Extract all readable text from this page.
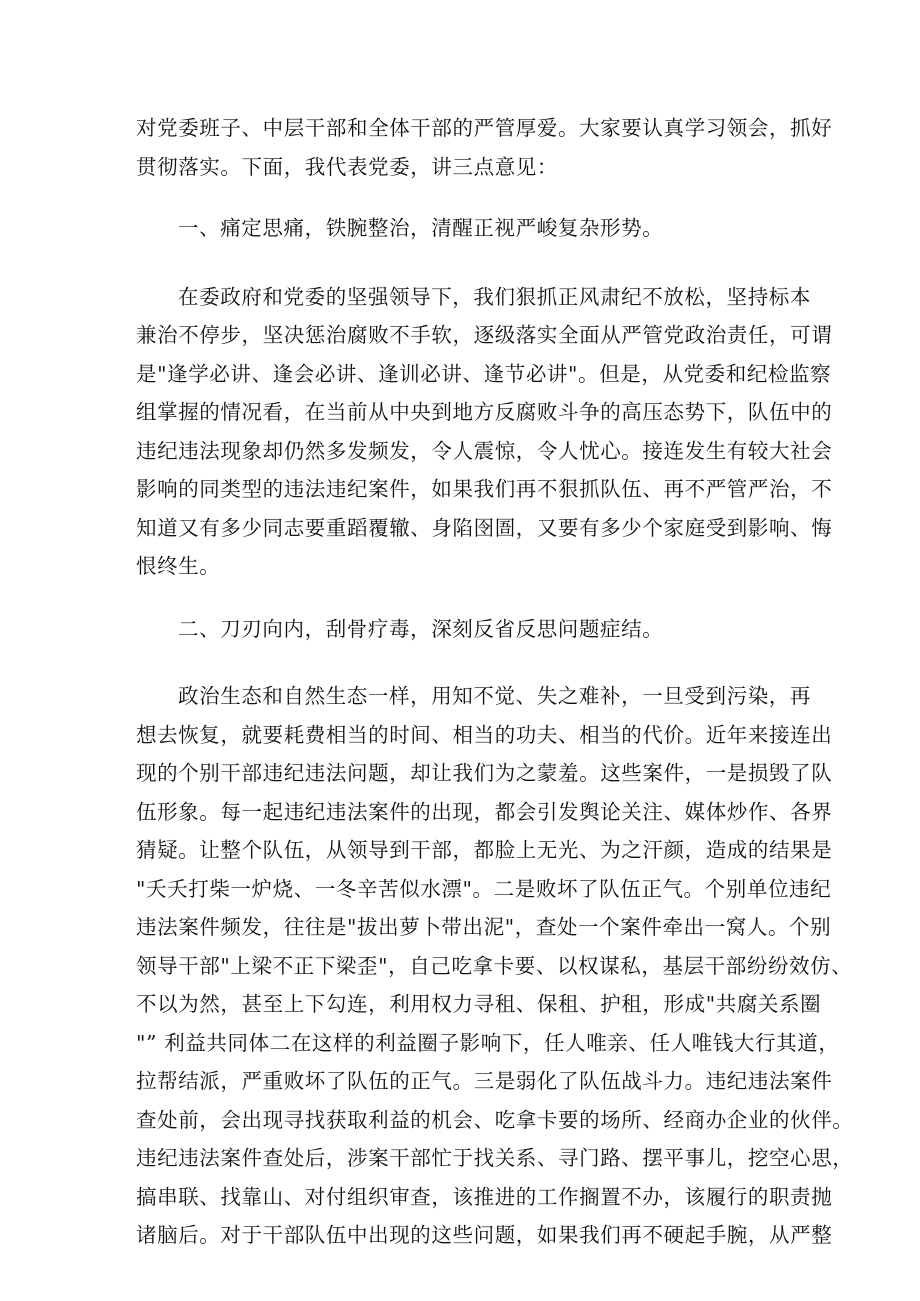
对党委班子、中层干部和全体干部的严管厚爱。大家要认真学习领会，抓好
贯彻落实。下面，我代表党委，讲三点意见：
一、痛定思痛，铁腕整治，清醒正视严峻复杂形势。
在委政府和党委的坚强领导下，我们狠抓正风肃纪不放松，坚持标本
兼治不停步，坚决惩治腐败不手软，逐级落实全面从严管党政治责任，可谓
是"逢学必讲、逢会必讲、逢训必讲、逢节必讲"。但是，从党委和纪检监察
组掌握的情况看，在当前从中央到地方反腐败斗争的高压态势下，队伍中的
违纪违法现象却仍然多发频发，令人震惊，令人忧心。接连发生有较大社会
影响的同类型的违法违纪案件，如果我们再不狠抓队伍、再不严管严治，不
知道又有多少同志要重蹈覆辙、身陷囹圄，又要有多少个家庭受到影响、悔
恨终生。
二、刀刃向内，刮骨疗毒，深刻反省反思问题症结。
政治生态和自然生态一样，用知不觉、失之难补，一旦受到污染，再
想去恢复，就要耗费相当的时间、相当的功夫、相当的代价。近年来接连出
现的个别干部违纪违法问题，却让我们为之蒙羞。这些案件，一是损毁了队
伍形象。每一起违纪违法案件的出现，都会引发舆论关注、媒体炒作、各界
猜疑。让整个队伍，从领导到干部，都脸上无光、为之汗颜，造成的结果是
"夭夭打柴一炉烧、一冬辛苦似水漂"。二是败坏了队伍正气。个别单位违纪
违法案件频发，往往是"拔出萝卜带出泥"，查处一个案件牵出一窝人。个别
领导干部"上梁不正下梁歪"，自己吃拿卡要、以权谋私，基层干部纷纷效仿、
不以为然，甚至上下勾连，利用权力寻租、保租、护租，形成"共腐关系圈
"” 利益共同体二在这样的利益圈子影响下，任人唯亲、任人唯钱大行其道，
拉帮结派，严重败坏了队伍的正气。三是弱化了队伍战斗力。违纪违法案件
查处前，会出现寻找获取利益的机会、吃拿卡要的场所、经商办企业的伙伴。
违纪违法案件查处后，涉案干部忙于找关系、寻门路、摆平事儿，挖空心思，
搞串联、找靠山、对付组织审查，该推进的工作搁置不办，该履行的职责抛
诸脑后。对于干部队伍中出现的这些问题，如果我们再不硬起手腕，从严整
